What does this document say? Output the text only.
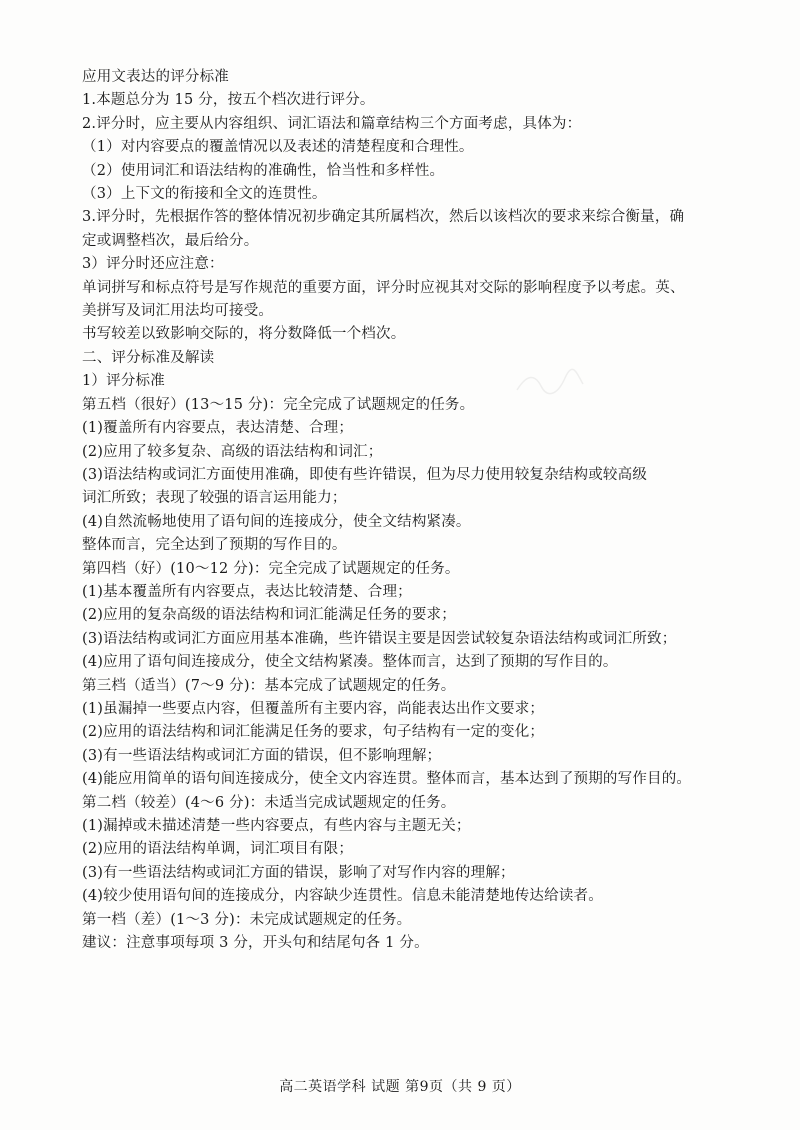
应用文表达的评分标准
1.本题总分为 15 分，按五个档次进行评分。
2.评分时，应主要从内容组织、词汇语法和篇章结构三个方面考虑，具体为：
（1）对内容要点的覆盖情况以及表述的清楚程度和合理性。
（2）使用词汇和语法结构的准确性，恰当性和多样性。
（3）上下文的衔接和全文的连贯性。
3.评分时，先根据作答的整体情况初步确定其所属档次，然后以该档次的要求来综合衡量，确
定或调整档次，最后给分。
3）评分时还应注意：
单词拼写和标点符号是写作规范的重要方面，评分时应视其对交际的影响程度予以考虑。英、
美拼写及词汇用法均可接受。
书写较差以致影响交际的，将分数降低一个档次。
二、评分标准及解读
1）评分标准
第五档（很好）(13～15 分)：完全完成了试题规定的任务。
(1)覆盖所有内容要点，表达清楚、合理；
(2)应用了较多复杂、高级的语法结构和词汇；
(3)语法结构或词汇方面使用准确，即使有些许错误，但为尽力使用较复杂结构或较高级
词汇所致；表现了较强的语言运用能力；
(4)自然流畅地使用了语句间的连接成分，使全文结构紧凑。
整体而言，完全达到了预期的写作目的。
第四档（好）(10～12 分)：完全完成了试题规定的任务。
(1)基本覆盖所有内容要点，表达比较清楚、合理；
(2)应用的复杂高级的语法结构和词汇能满足任务的要求；
(3)语法结构或词汇方面应用基本准确，些许错误主要是因尝试较复杂语法结构或词汇所致；
(4)应用了语句间连接成分，使全文结构紧凑。整体而言，达到了预期的写作目的。
第三档（适当）(7～9 分)：基本完成了试题规定的任务。
(1)虽漏掉一些要点内容，但覆盖所有主要内容，尚能表达出作文要求；
(2)应用的语法结构和词汇能满足任务的要求，句子结构有一定的变化；
(3)有一些语法结构或词汇方面的错误，但不影响理解；
(4)能应用简单的语句间连接成分，使全文内容连贯。整体而言，基本达到了预期的写作目的。
第二档（较差）(4～6 分)：未适当完成试题规定的任务。
(1)漏掉或未描述清楚一些内容要点，有些内容与主题无关；
(2)应用的语法结构单调，词汇项目有限；
(3)有一些语法结构或词汇方面的错误，影响了对写作内容的理解；
(4)较少使用语句间的连接成分，内容缺少连贯性。信息未能清楚地传达给读者。
第一档（差）(1～3 分)：未完成试题规定的任务。
建议：注意事项每项 3 分，开头句和结尾句各 1 分。
高二英语学科 试题 第9页（共 9 页）
